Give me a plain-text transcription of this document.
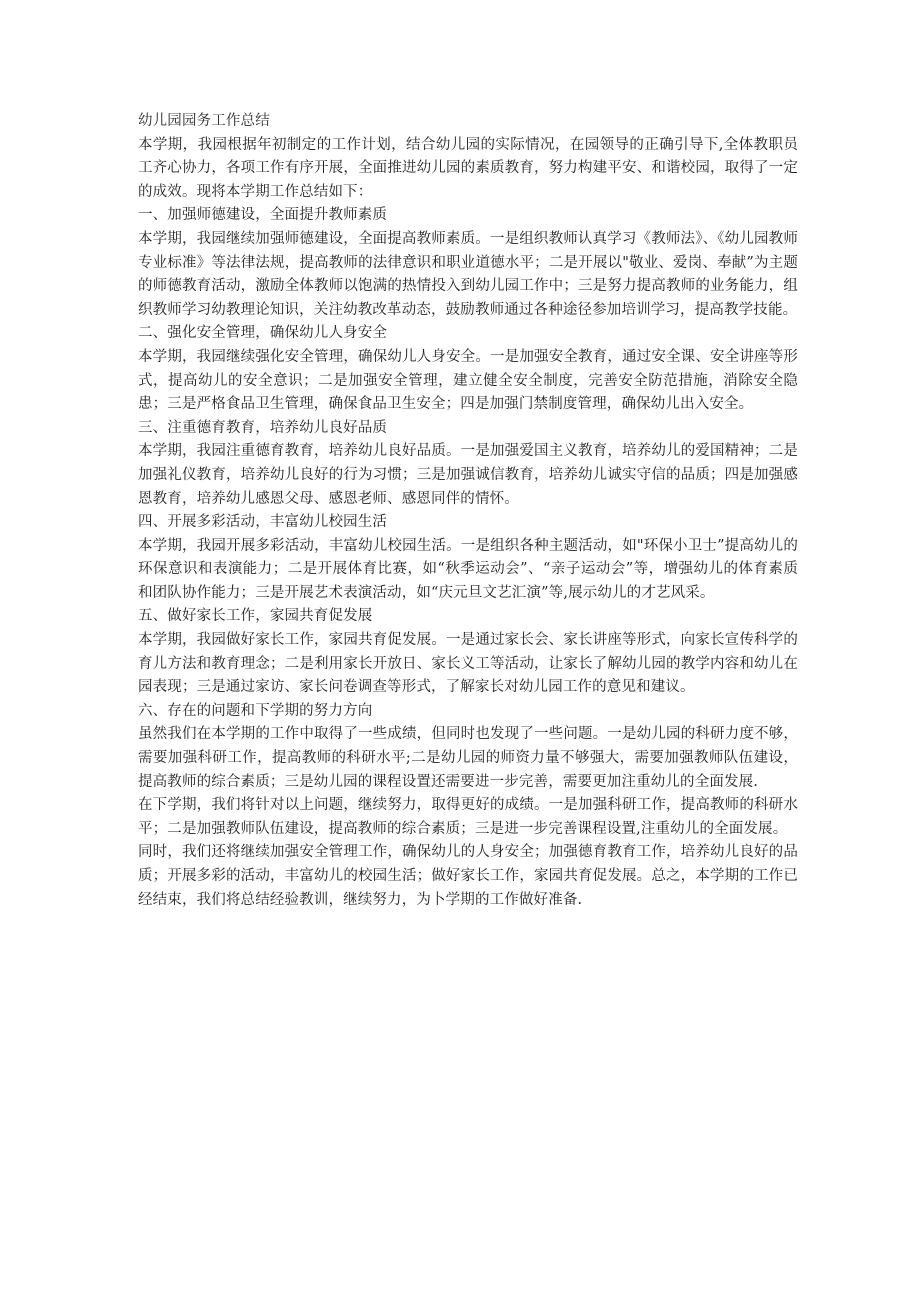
幼儿园园务工作总结

本学期，我园根据年初制定的工作计划，结合幼儿园的实际情况，在园领导的正确引导下,全体教职员工齐心协力，各项工作有序开展，全面推进幼儿园的素质教育，努力构建平安、和谐校园，取得了一定的成效。现将本学期工作总结如下：

一、加强师德建设，全面提升教师素质

本学期，我园继续加强师德建设，全面提高教师素质。一是组织教师认真学习《教师法》、《幼儿园教师专业标准》等法律法规，提高教师的法律意识和职业道德水平；二是开展以"敬业、爱岗、奉献”为主题的师德教育活动，激励全体教师以饱满的热情投入到幼儿园工作中；三是努力提高教师的业务能力，组织教师学习幼教理论知识，关注幼教改革动态，鼓励教师通过各种途径参加培训学习，提高教学技能。

二、强化安全管理，确保幼儿人身安全

本学期，我园继续强化安全管理，确保幼儿人身安全。一是加强安全教育，通过安全课、安全讲座等形式，提高幼儿的安全意识；二是加强安全管理，建立健全安全制度，完善安全防范措施，消除安全隐患；三是严格食品卫生管理，确保食品卫生安全；四是加强门禁制度管理，确保幼儿出入安全。

三、注重德育教育，培养幼儿良好品质

本学期，我园注重德育教育，培养幼儿良好品质。一是加强爱国主义教育，培养幼儿的爱国精神；二是加强礼仪教育，培养幼儿良好的行为习惯；三是加强诚信教育，培养幼儿诚实守信的品质；四是加强感恩教育，培养幼儿感恩父母、感恩老师、感恩同伴的情怀。

四、开展多彩活动，丰富幼儿校园生活

本学期，我园开展多彩活动，丰富幼儿校园生活。一是组织各种主题活动，如"环保小卫士”提高幼儿的环保意识和表演能力；二是开展体育比赛，如“秋季运动会”、“亲子运动会”等，增强幼儿的体育素质和团队协作能力；三是开展艺术表演活动，如“庆元旦文艺汇演”等,展示幼儿的才艺风采。

五、做好家长工作，家园共育促发展

本学期，我园做好家长工作，家园共育促发展。一是通过家长会、家长讲座等形式，向家长宣传科学的育儿方法和教育理念；二是利用家长开放日、家长义工等活动，让家长了解幼儿园的教学内容和幼儿在园表现；三是通过家访、家长问卷调查等形式，了解家长对幼儿园工作的意见和建议。

六、存在的问题和下学期的努力方向

虽然我们在本学期的工作中取得了一些成绩，但同时也发现了一些问题。一是幼儿园的科研力度不够，需要加强科研工作，提高教师的科研水平;二是幼儿园的师资力量不够强大，需要加强教师队伍建设，提高教师的综合素质；三是幼儿园的课程设置还需要进一步完善，需要更加注重幼儿的全面发展.

在下学期，我们将针对以上问题，继续努力，取得更好的成绩。一是加强科研工作，提高教师的科研水平；二是加强教师队伍建设，提高教师的综合素质；三是进一步完善课程设置,注重幼儿的全面发展。

同时，我们还将继续加强安全管理工作，确保幼儿的人身安全；加强德育教育工作，培养幼儿良好的品质；开展多彩的活动，丰富幼儿的校园生活；做好家长工作，家园共育促发展。总之，本学期的工作已经结束，我们将总结经验教训，继续努力，为卜学期的工作做好准备.
